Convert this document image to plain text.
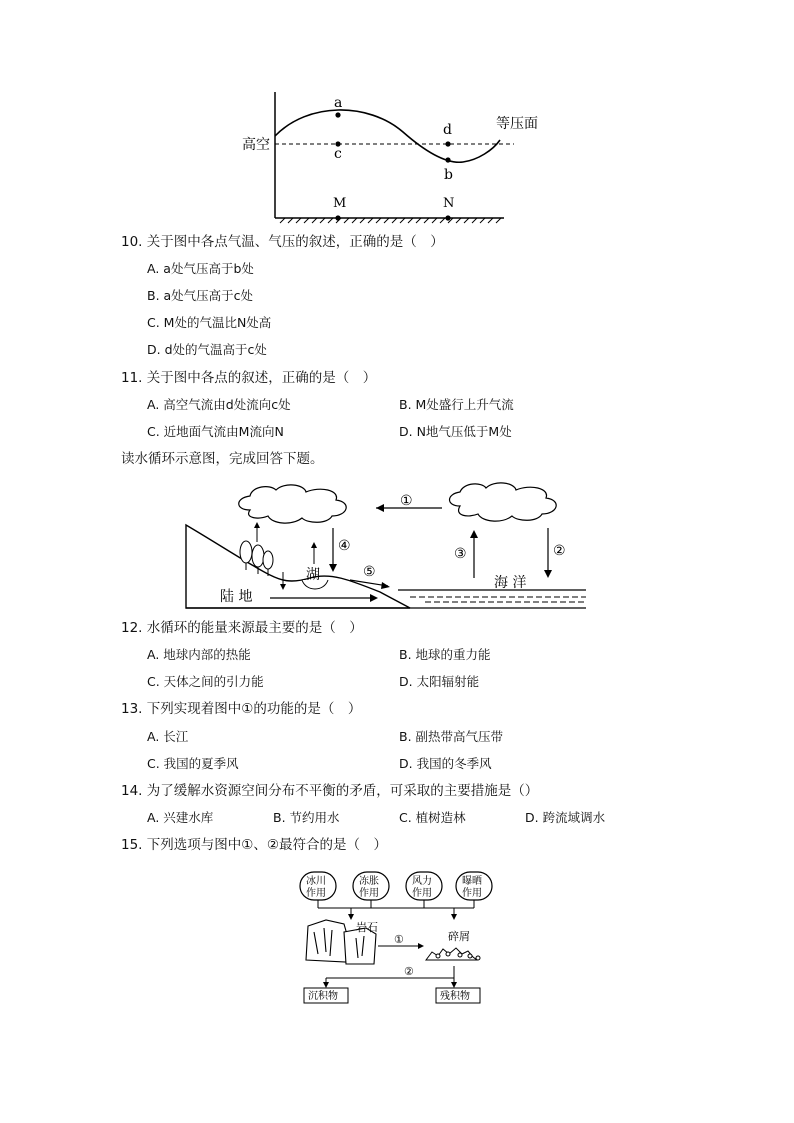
a
c
d
b
M	N
高空
等压面
10. 关于图中各点气温、气压的叙述，正确的是（　）
A. a处气压高于b处
B. a处气压高于c处
C. M处的气温比N处高
D. d处的气温高于c处
11. 关于图中各点的叙述，正确的是（　）
A. 高空气流由d处流向c处	B. M处盛行上升气流
C. 近地面气流由M流向N	D. N地气压低于M处
读水循环示意图，完成回答下题。
①
②
③
④
湖	⑤
陆 地
海 洋
12. 水循环的能量来源最主要的是（　）
A. 地球内部的热能	B. 地球的重力能
C. 天体之间的引力能	D. 太阳辐射能
13. 下列实现着图中①的功能的是（　）
A. 长江	B. 副热带高气压带
C. 我国的夏季风	D. 我国的冬季风
14. 为了缓解水资源空间分布不平衡的矛盾，可采取的主要措施是（）
A. 兴建水库	B. 节约用水	C. 植树造林	D. 跨流域调水
15. 下列选项与图中①、②最符合的是（　）
冰川
作用
冻胀
作用
风力
作用
曝晒
作用
岩石
①	碎屑
②
沉积物	残积物
